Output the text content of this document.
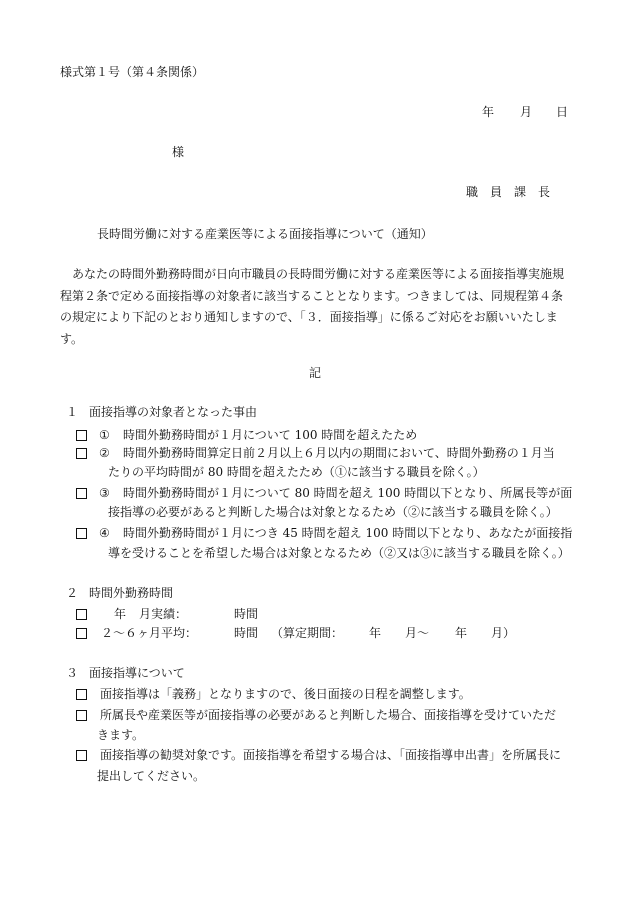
様式第１号（第４条関係）
年 月 日
様
職　員　課　長
長時間労働に対する産業医等による面接指導について（通知）
あなたの時間外勤務時間が日向市職員の長時間労働に対する産業医等による面接指導実施規程第２条で定める面接指導の対象者に該当することとなります。つきましては、同規程第４条の規定により下記のとおり通知しますので、「３．面接指導」に係るご対応をお願いいたします。
記
１ 面接指導の対象者となった事由
① 時間外勤務時間が１月について 100 時間を超えたため
② 時間外勤務時間算定日前２月以上６月以内の期間において、時間外勤務の１月当
たりの平均時間が 80 時間を超えたため（①に該当する職員を除く。）
③ 時間外勤務時間が１月について 80 時間を超え 100 時間以下となり、所属長等が面
接指導の必要があると判断した場合は対象となるため（②に該当する職員を除く。）
④ 時間外勤務時間が１月につき 45 時間を超え 100 時間以下となり、あなたが面接指
導を受けることを希望した場合は対象となるため（②又は③に該当する職員を除く。）
２ 時間外勤務時間
年 月実績：	時間
２〜６ヶ月平均：	時間 （算定期間： 年 月〜 年 月）
３ 面接指導について
面接指導は「義務」となりますので、後日面接の日程を調整します。
所属長や産業医等が面接指導の必要があると判断した場合、面接指導を受けていただ
きます。
面接指導の勧奨対象です。面接指導を希望する場合は、「面接指導申出書」を所属長に
提出してください。
